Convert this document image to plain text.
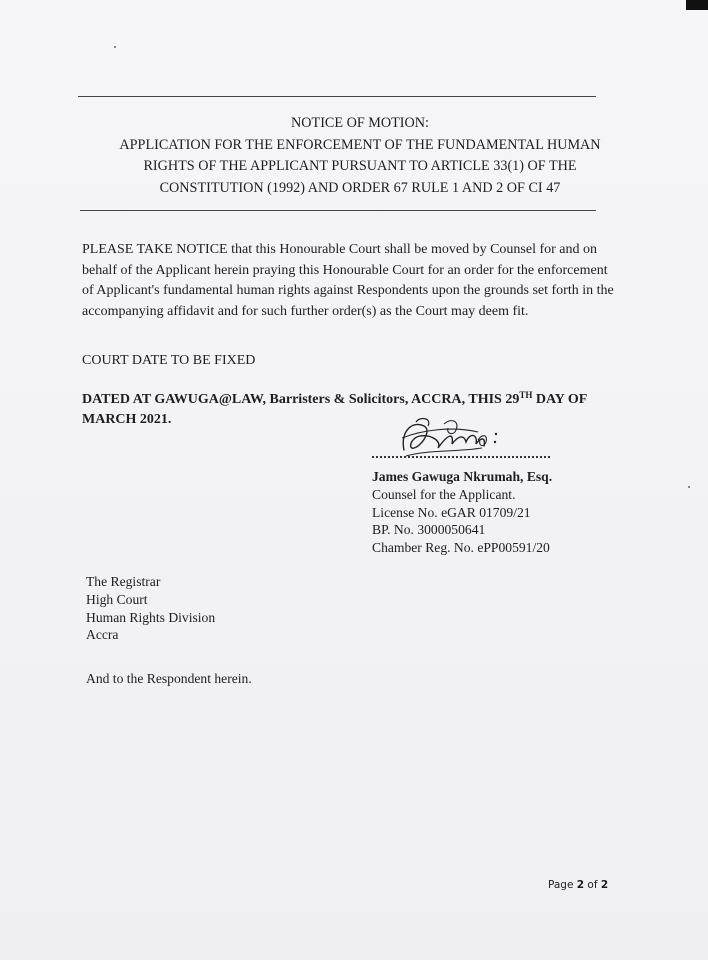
NOTICE OF MOTION:
APPLICATION FOR THE ENFORCEMENT OF THE FUNDAMENTAL HUMAN
RIGHTS OF THE APPLICANT PURSUANT TO ARTICLE 33(1) OF THE
CONSTITUTION (1992) AND ORDER 67 RULE 1 AND 2 OF CI 47

PLEASE TAKE NOTICE that this Honourable Court shall be moved by Counsel for and on behalf of the Applicant herein praying this Honourable Court for an order for the enforcement of Applicant's fundamental human rights against Respondents upon the grounds set forth in the accompanying affidavit and for such further order(s) as the Court may deem fit.

COURT DATE TO BE FIXED
DATED AT GAWUGA@LAW, Barristers & Solicitors, ACCRA, THIS 29TH DAY OF MARCH 2021.
James Gawuga Nkrumah, Esq.
Counsel for the Applicant.
License No. eGAR 01709/21
BP. No. 3000050641
Chamber Reg. No. ePP00591/20
The Registrar
High Court
Human Rights Division
Accra
And to the Respondent herein.
Page 2 of 2
